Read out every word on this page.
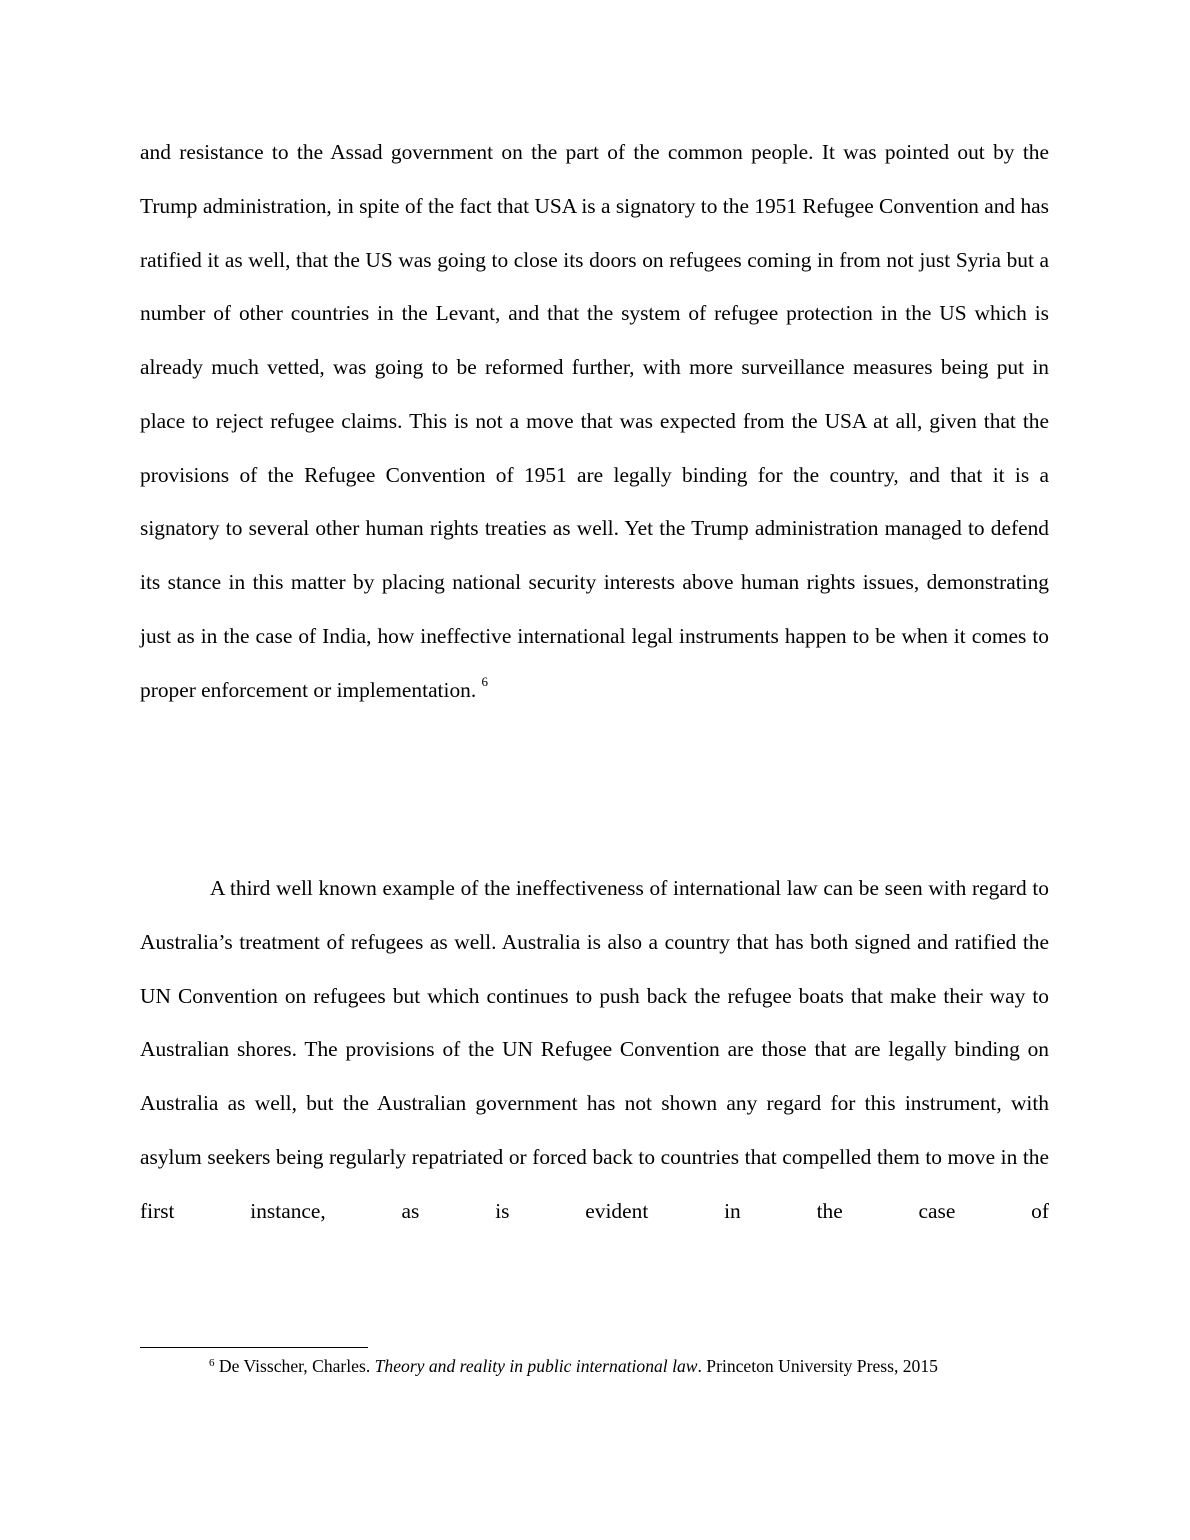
and resistance to the Assad government on the part of the common people. It was pointed out by the Trump administration, in spite of the fact that USA is a signatory to the 1951 Refugee Convention and has ratified it as well, that the US was going to close its doors on refugees coming in from not just Syria but a number of other countries in the Levant, and that the system of refugee protection in the US which is already much vetted, was going to be reformed further, with more surveillance measures being put in place to reject refugee claims. This is not a move that was expected from the USA at all, given that the provisions of the Refugee Convention of 1951 are legally binding for the country, and that it is a signatory to several other human rights treaties as well. Yet the Trump administration managed to defend its stance in this matter by placing national security interests above human rights issues, demonstrating just as in the case of India, how ineffective international legal instruments happen to be when it comes to proper enforcement or implementation. $^6$

A third well known example of the ineffectiveness of international law can be seen with regard to Australia’s treatment of refugees as well. Australia is also a country that has both signed and ratified the UN Convention on refugees but which continues to push back the refugee boats that make their way to Australian shores. The provisions of the UN Refugee Convention are those that are legally binding on Australia as well, but the Australian government has not shown any regard for this instrument, with asylum seekers being regularly repatriated or forced back to countries that compelled them to move in the first instance, as is evident in the case of

$^6$ De Visscher, Charles. Theory and reality in public international law. Princeton University Press, 2015
